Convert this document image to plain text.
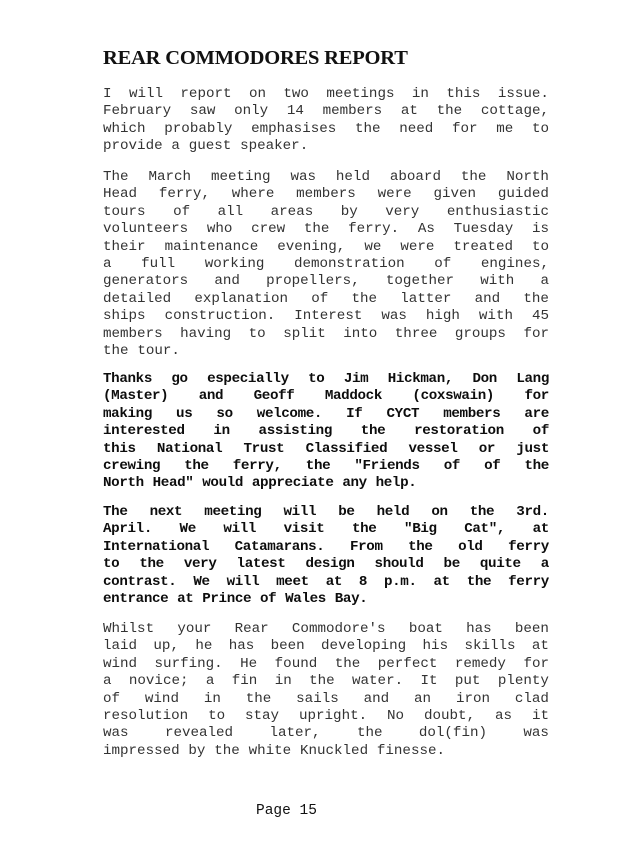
REAR COMMODORES REPORT
I will report on two meetings in this issue.
February saw only 14 members at the cottage,
which probably emphasises the need for me to
provide a guest speaker.
The March meeting was held aboard the North
Head ferry, where members were given guided
tours of all areas by very enthusiastic
volunteers who crew the ferry. As Tuesday is
their maintenance evening, we were treated to
a full working demonstration of engines,
generators and propellers, together with a
detailed explanation of the latter and the
ships construction. Interest was high with 45
members having to split into three groups for
the tour.
Thanks go especially to Jim Hickman, Don Lang
(Master) and Geoff Maddock (coxswain) for
making us so welcome. If CYCT members are
interested in assisting the restoration of
this National Trust Classified vessel or just
crewing the ferry, the "Friends of of the
North Head" would appreciate any help.
The next meeting will be held on the 3rd.
April. We will visit the "Big Cat", at
International Catamarans. From the old ferry
to the very latest design should be quite a
contrast. We will meet at 8 p.m. at the ferry
entrance at Prince of Wales Bay.
Whilst your Rear Commodore's boat has been
laid up, he has been developing his skills at
wind surfing. He found the perfect remedy for
a novice; a fin in the water. It put plenty
of wind in the sails and an iron clad
resolution to stay upright. No doubt, as it
was	revealed	later,	the	dol(fin)	was
impressed by the white Knuckled finesse.
Page 15
